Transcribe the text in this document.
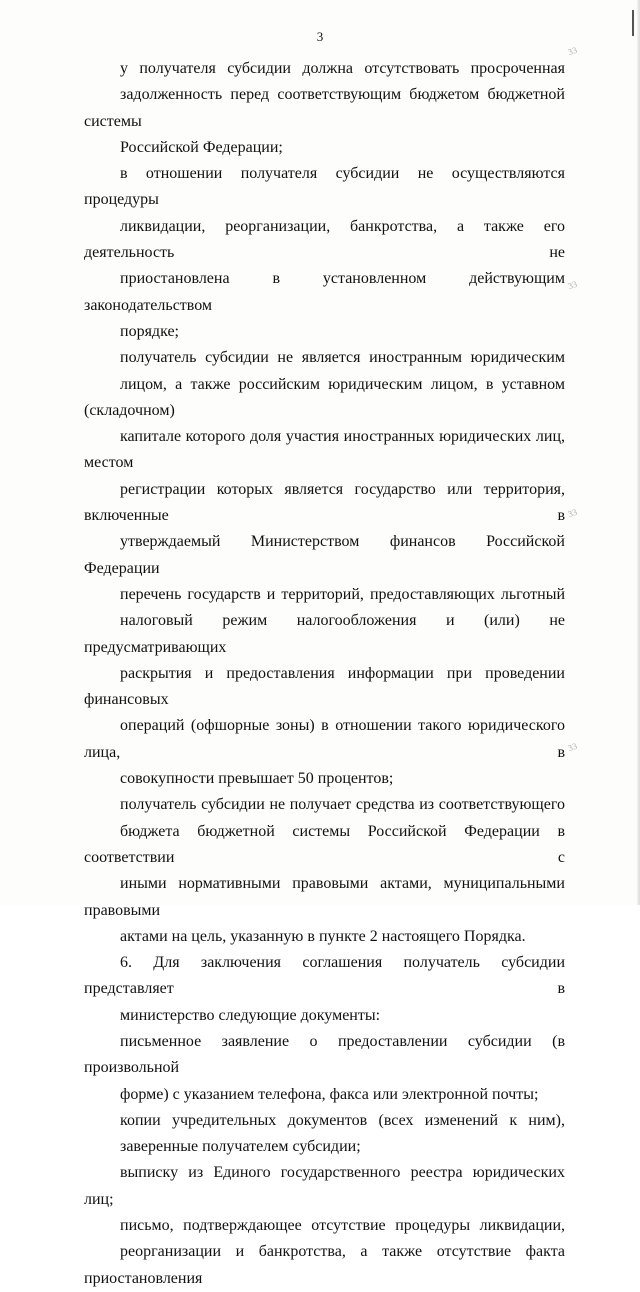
3
33
33
33
33

у получателя субсидии должна отсутствовать просроченная
задолженность перед соответствующим бюджетом бюджетной системы
Российской Федерации;

в отношении получателя субсидии не осуществляются процедуры
ликвидации, реорганизации, банкротства, а также его деятельность не
приостановлена в установленном действующим законодательством
порядке;

получатель субсидии не является иностранным юридическим
лицом, а также российским юридическим лицом, в уставном (складочном)
капитале которого доля участия иностранных юридических лиц, местом
регистрации которых является государство или территория, включенные в
утверждаемый Министерством финансов Российской Федерации
перечень государств и территорий, предоставляющих льготный
налоговый режим налогообложения и (или) не предусматривающих
раскрытия и предоставления информации при проведении финансовых
операций (офшорные зоны) в отношении такого юридического лица, в
совокупности превышает 50 процентов;

получатель субсидии не получает средства из соответствующего
бюджета бюджетной системы Российской Федерации в соответствии с
иными нормативными правовыми актами, муниципальными правовыми
актами на цель, указанную в пункте 2 настоящего Порядка.

6. Для заключения соглашения получатель субсидии представляет в
министерство следующие документы:

письменное заявление о предоставлении субсидии (в произвольной
форме) с указанием телефона, факса или электронной почты;

копии учредительных документов (всех изменений к ним),
заверенные получателем субсидии;

выписку из Единого государственного реестра юридических лиц;

письмо, подтверждающее отсутствие процедуры ликвидации,
реорганизации и банкротства, а также отсутствие факта приостановления
